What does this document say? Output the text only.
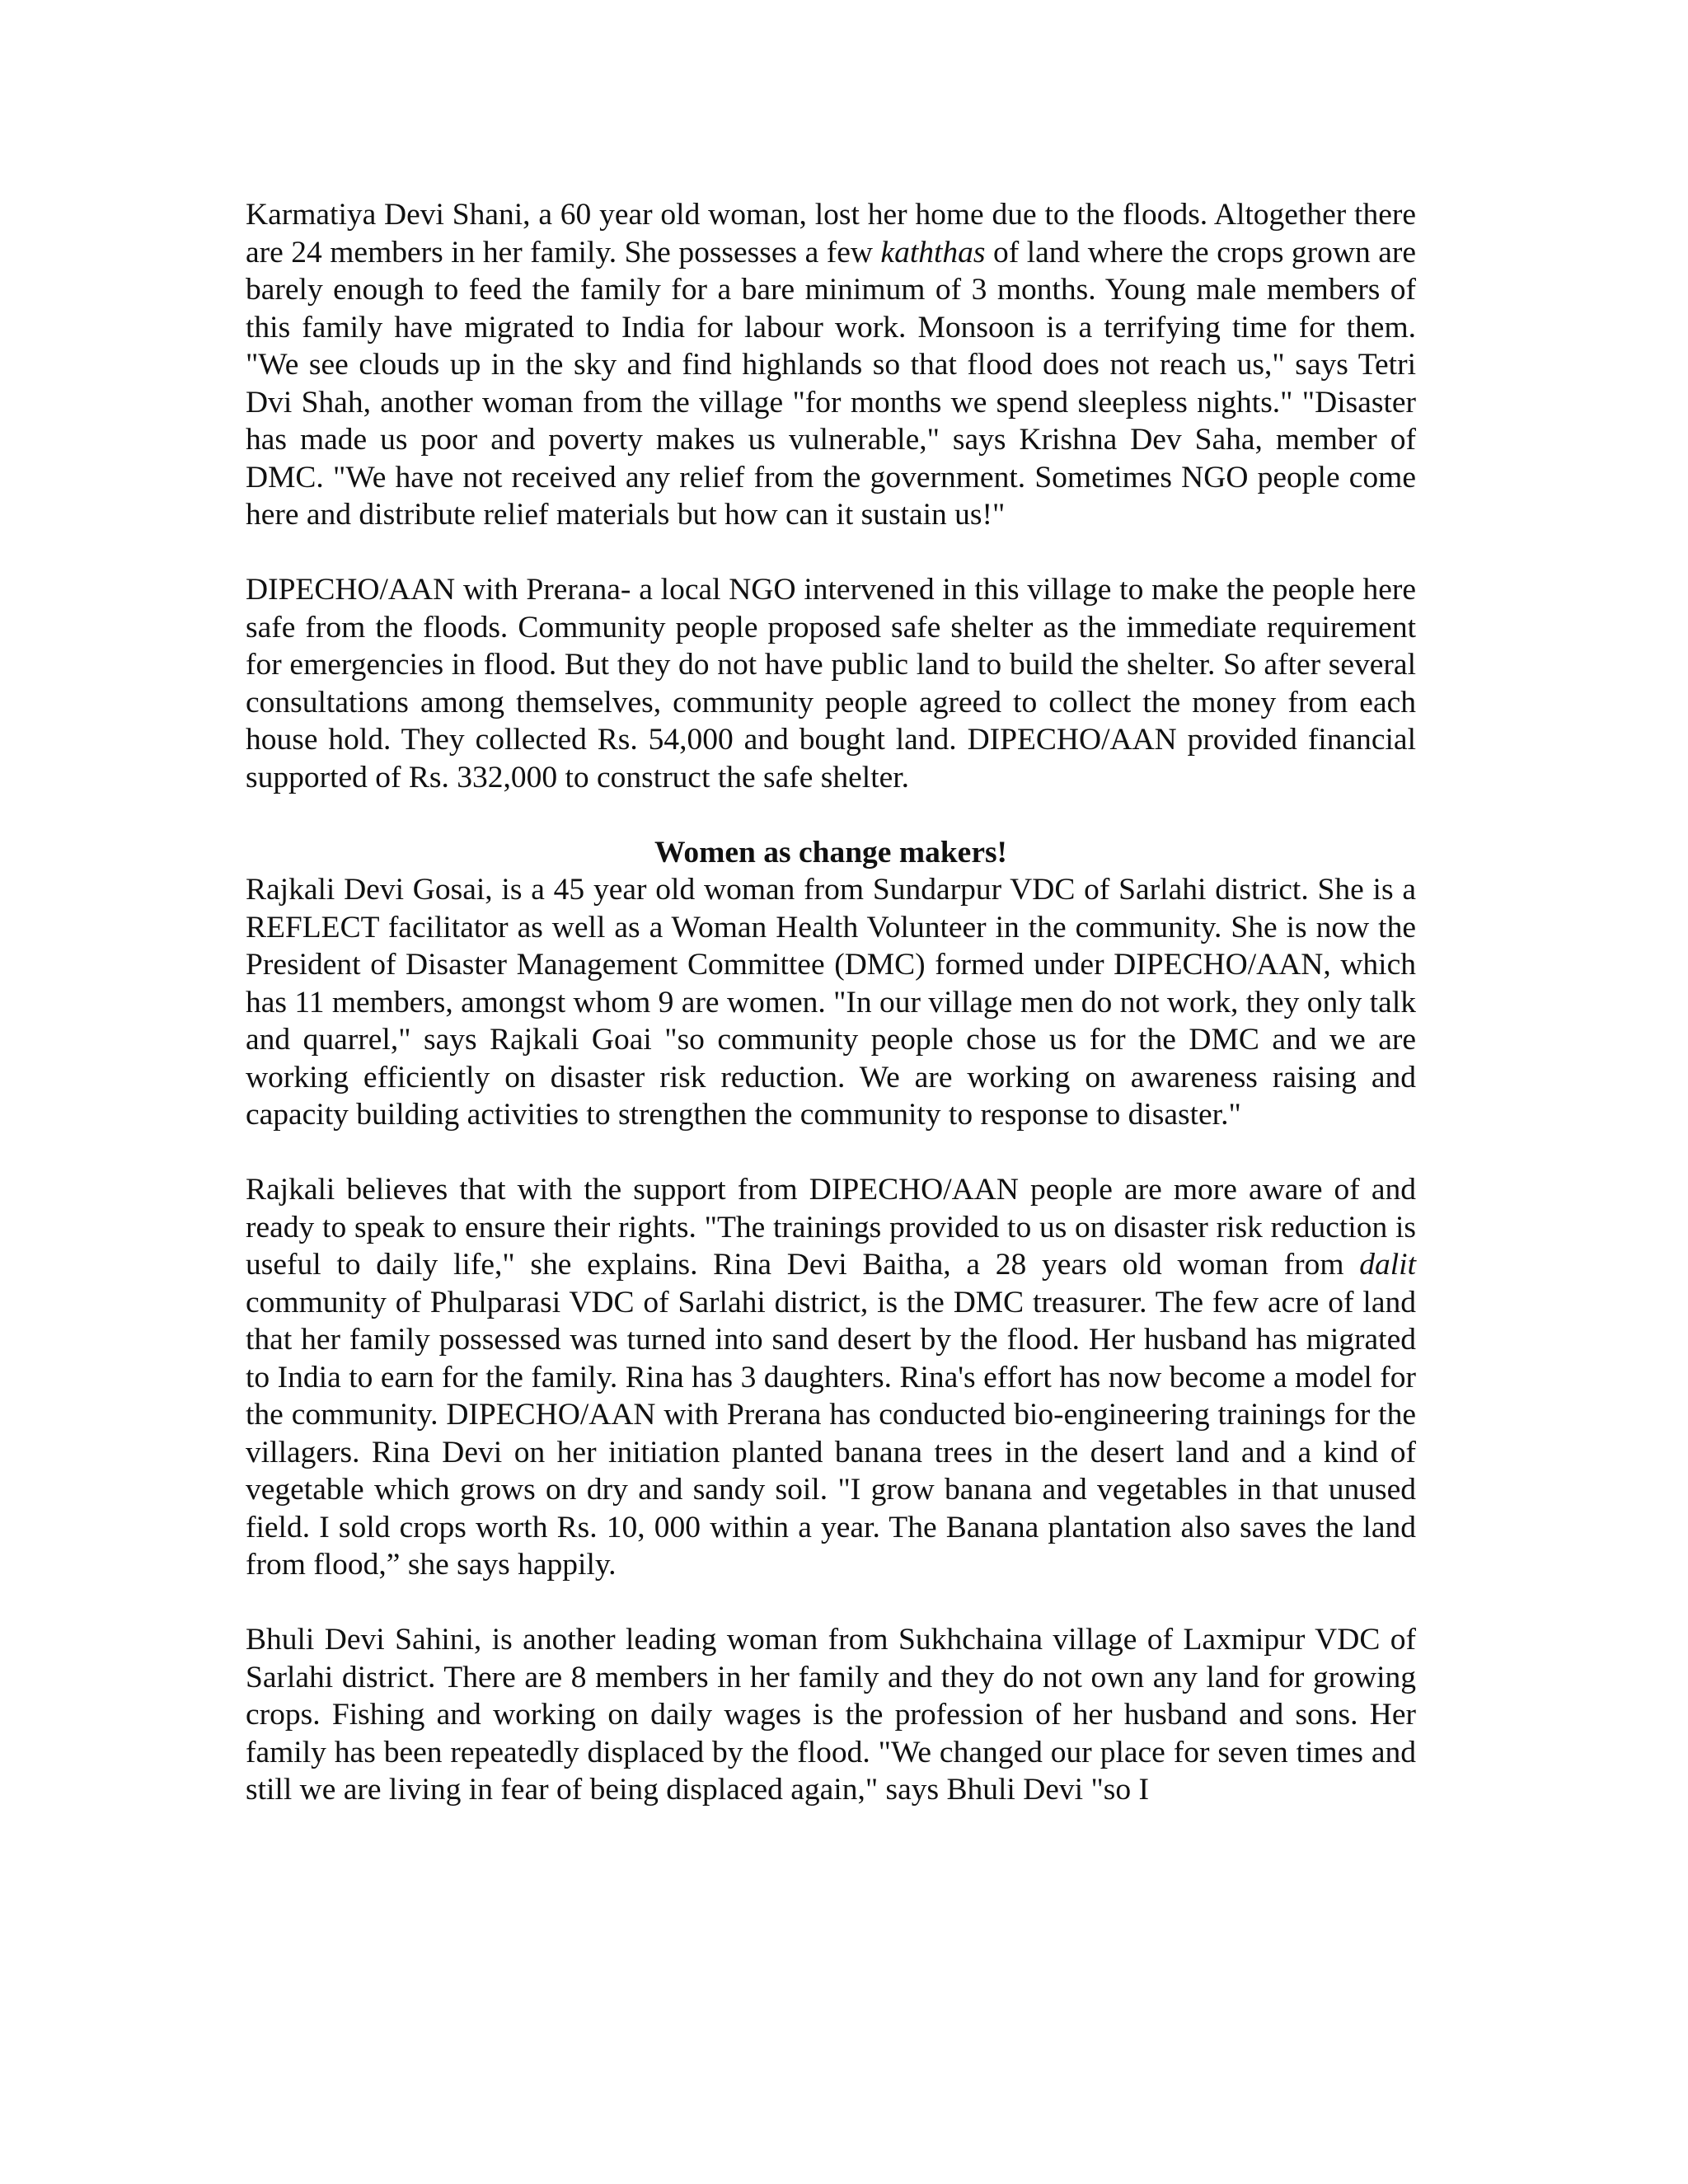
Karmatiya Devi Shani, a 60 year old woman, lost her home due to the floods. Altogether there are 24 members in her family. She possesses a few kaththas of land where the crops grown are barely enough to feed the family for a bare minimum of 3 months. Young male members of this family have migrated to India for labour work. Monsoon is a terrifying time for them. "We see clouds up in the sky and find highlands so that flood does not reach us," says Tetri Dvi Shah, another woman from the village "for months we spend sleepless nights." "Disaster has made us poor and poverty makes us vulnerable," says Krishna Dev Saha, member of DMC. "We have not received any relief from the government. Sometimes NGO people come here and distribute relief materials but how can it sustain us!"

DIPECHO/AAN with Prerana- a local NGO intervened in this village to make the people here safe from the floods. Community people proposed safe shelter as the immediate requirement for emergencies in flood. But they do not have public land to build the shelter. So after several consultations among themselves, community people agreed to collect the money from each house hold. They collected Rs. 54,000 and bought land. DIPECHO/AAN provided financial supported of Rs. 332,000 to construct the safe shelter.

Women as change makers!

Rajkali Devi Gosai, is a 45 year old woman from Sundarpur VDC of Sarlahi district. She is a REFLECT facilitator as well as a Woman Health Volunteer in the community. She is now the President of Disaster Management Committee (DMC) formed under DIPECHO/AAN, which has 11 members, amongst whom 9 are women. "In our village men do not work, they only talk and quarrel," says Rajkali Goai "so community people chose us for the DMC and we are working efficiently on disaster risk reduction. We are working on awareness raising and capacity building activities to strengthen the community to response to disaster."

Rajkali believes that with the support from DIPECHO/AAN people are more aware of and ready to speak to ensure their rights. "The trainings provided to us on disaster risk reduction is useful to daily life," she explains. Rina Devi Baitha, a 28 years old woman from dalit community of Phulparasi VDC of Sarlahi district, is the DMC treasurer. The few acre of land that her family possessed was turned into sand desert by the flood. Her husband has migrated to India to earn for the family. Rina has 3 daughters. Rina's effort has now become a model for the community. DIPECHO/AAN with Prerana has conducted bio-engineering trainings for the villagers. Rina Devi on her initiation planted banana trees in the desert land and a kind of vegetable which grows on dry and sandy soil. "I grow banana and vegetables in that unused field. I sold crops worth Rs. 10, 000 within a year. The Banana plantation also saves the land from flood,” she says happily.

Bhuli Devi Sahini, is another leading woman from Sukhchaina village of Laxmipur VDC of Sarlahi district. There are 8 members in her family and they do not own any land for growing crops. Fishing and working on daily wages is the profession of her husband and sons. Her family has been repeatedly displaced by the flood. "We changed our place for seven times and still we are living in fear of being displaced again," says Bhuli Devi "so I
